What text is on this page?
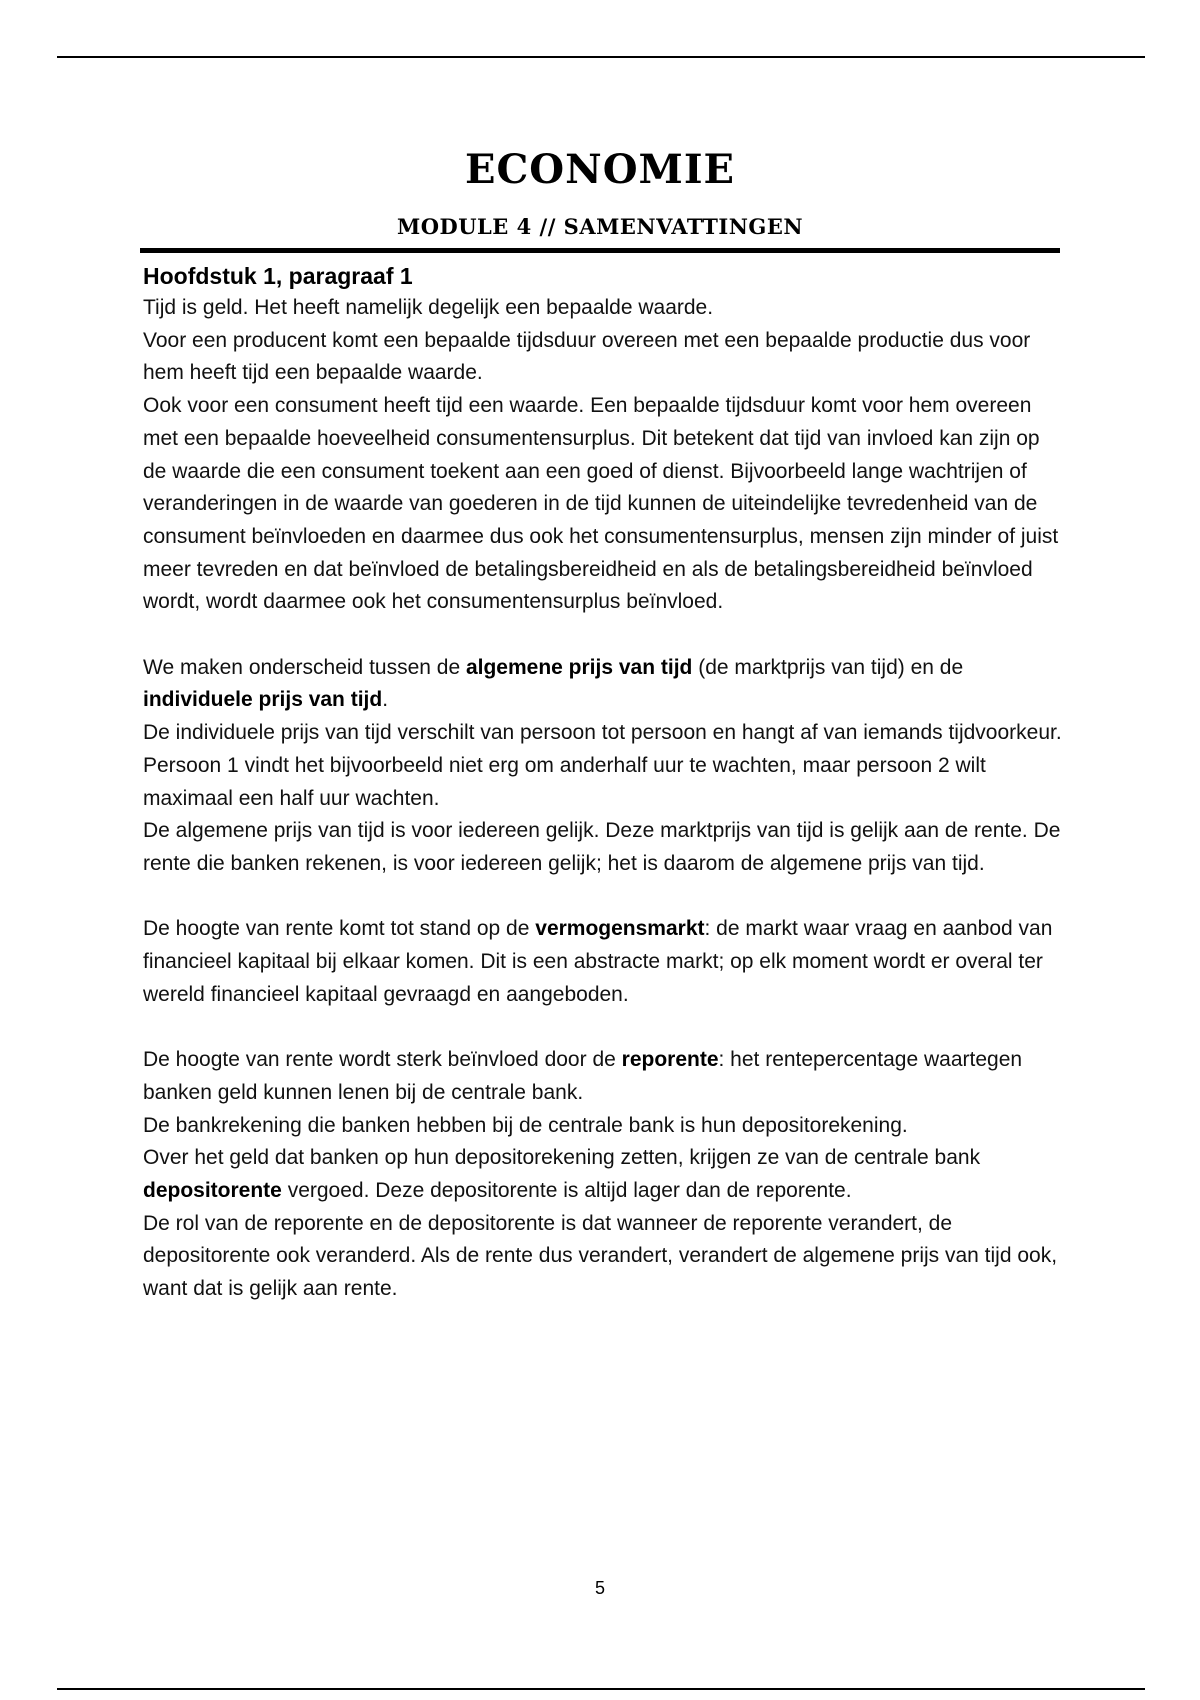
ECONOMIE
MODULE 4 // SAMENVATTINGEN
Hoofdstuk 1, paragraaf 1

Tijd is geld. Het heeft namelijk degelijk een bepaalde waarde.

Voor een producent komt een bepaalde tijdsduur overeen met een bepaalde productie dus voor hem heeft tijd een bepaalde waarde.

Ook voor een consument heeft tijd een waarde. Een bepaalde tijdsduur komt voor hem overeen met een bepaalde hoeveelheid consumentensurplus. Dit betekent dat tijd van invloed kan zijn op de waarde die een consument toekent aan een goed of dienst. Bijvoorbeeld lange wachtrijen of veranderingen in de waarde van goederen in de tijd kunnen de uiteindelijke tevredenheid van de consument beïnvloeden en daarmee dus ook het consumentensurplus, mensen zijn minder of juist meer tevreden en dat beïnvloed de betalingsbereidheid en als de betalingsbereidheid beïnvloed wordt, wordt daarmee ook het consumentensurplus beïnvloed.

We maken onderscheid tussen de algemene prijs van tijd (de marktprijs van tijd) en de individuele prijs van tijd.

De individuele prijs van tijd verschilt van persoon tot persoon en hangt af van iemands tijdvoorkeur. Persoon 1 vindt het bijvoorbeeld niet erg om anderhalf uur te wachten, maar persoon 2 wilt maximaal een half uur wachten.

De algemene prijs van tijd is voor iedereen gelijk. Deze marktprijs van tijd is gelijk aan de rente. De rente die banken rekenen, is voor iedereen gelijk; het is daarom de algemene prijs van tijd.

De hoogte van rente komt tot stand op de vermogensmarkt: de markt waar vraag en aanbod van financieel kapitaal bij elkaar komen. Dit is een abstracte markt; op elk moment wordt er overal ter wereld financieel kapitaal gevraagd en aangeboden.

De hoogte van rente wordt sterk beïnvloed door de reporente: het rentepercentage waartegen banken geld kunnen lenen bij de centrale bank.

De bankrekening die banken hebben bij de centrale bank is hun depositorekening.

Over het geld dat banken op hun depositorekening zetten, krijgen ze van de centrale bank depositorente vergoed. Deze depositorente is altijd lager dan de reporente.

De rol van de reporente en de depositorente is dat wanneer de reporente verandert, de depositorente ook veranderd. Als de rente dus verandert, verandert de algemene prijs van tijd ook, want dat is gelijk aan rente.

5
